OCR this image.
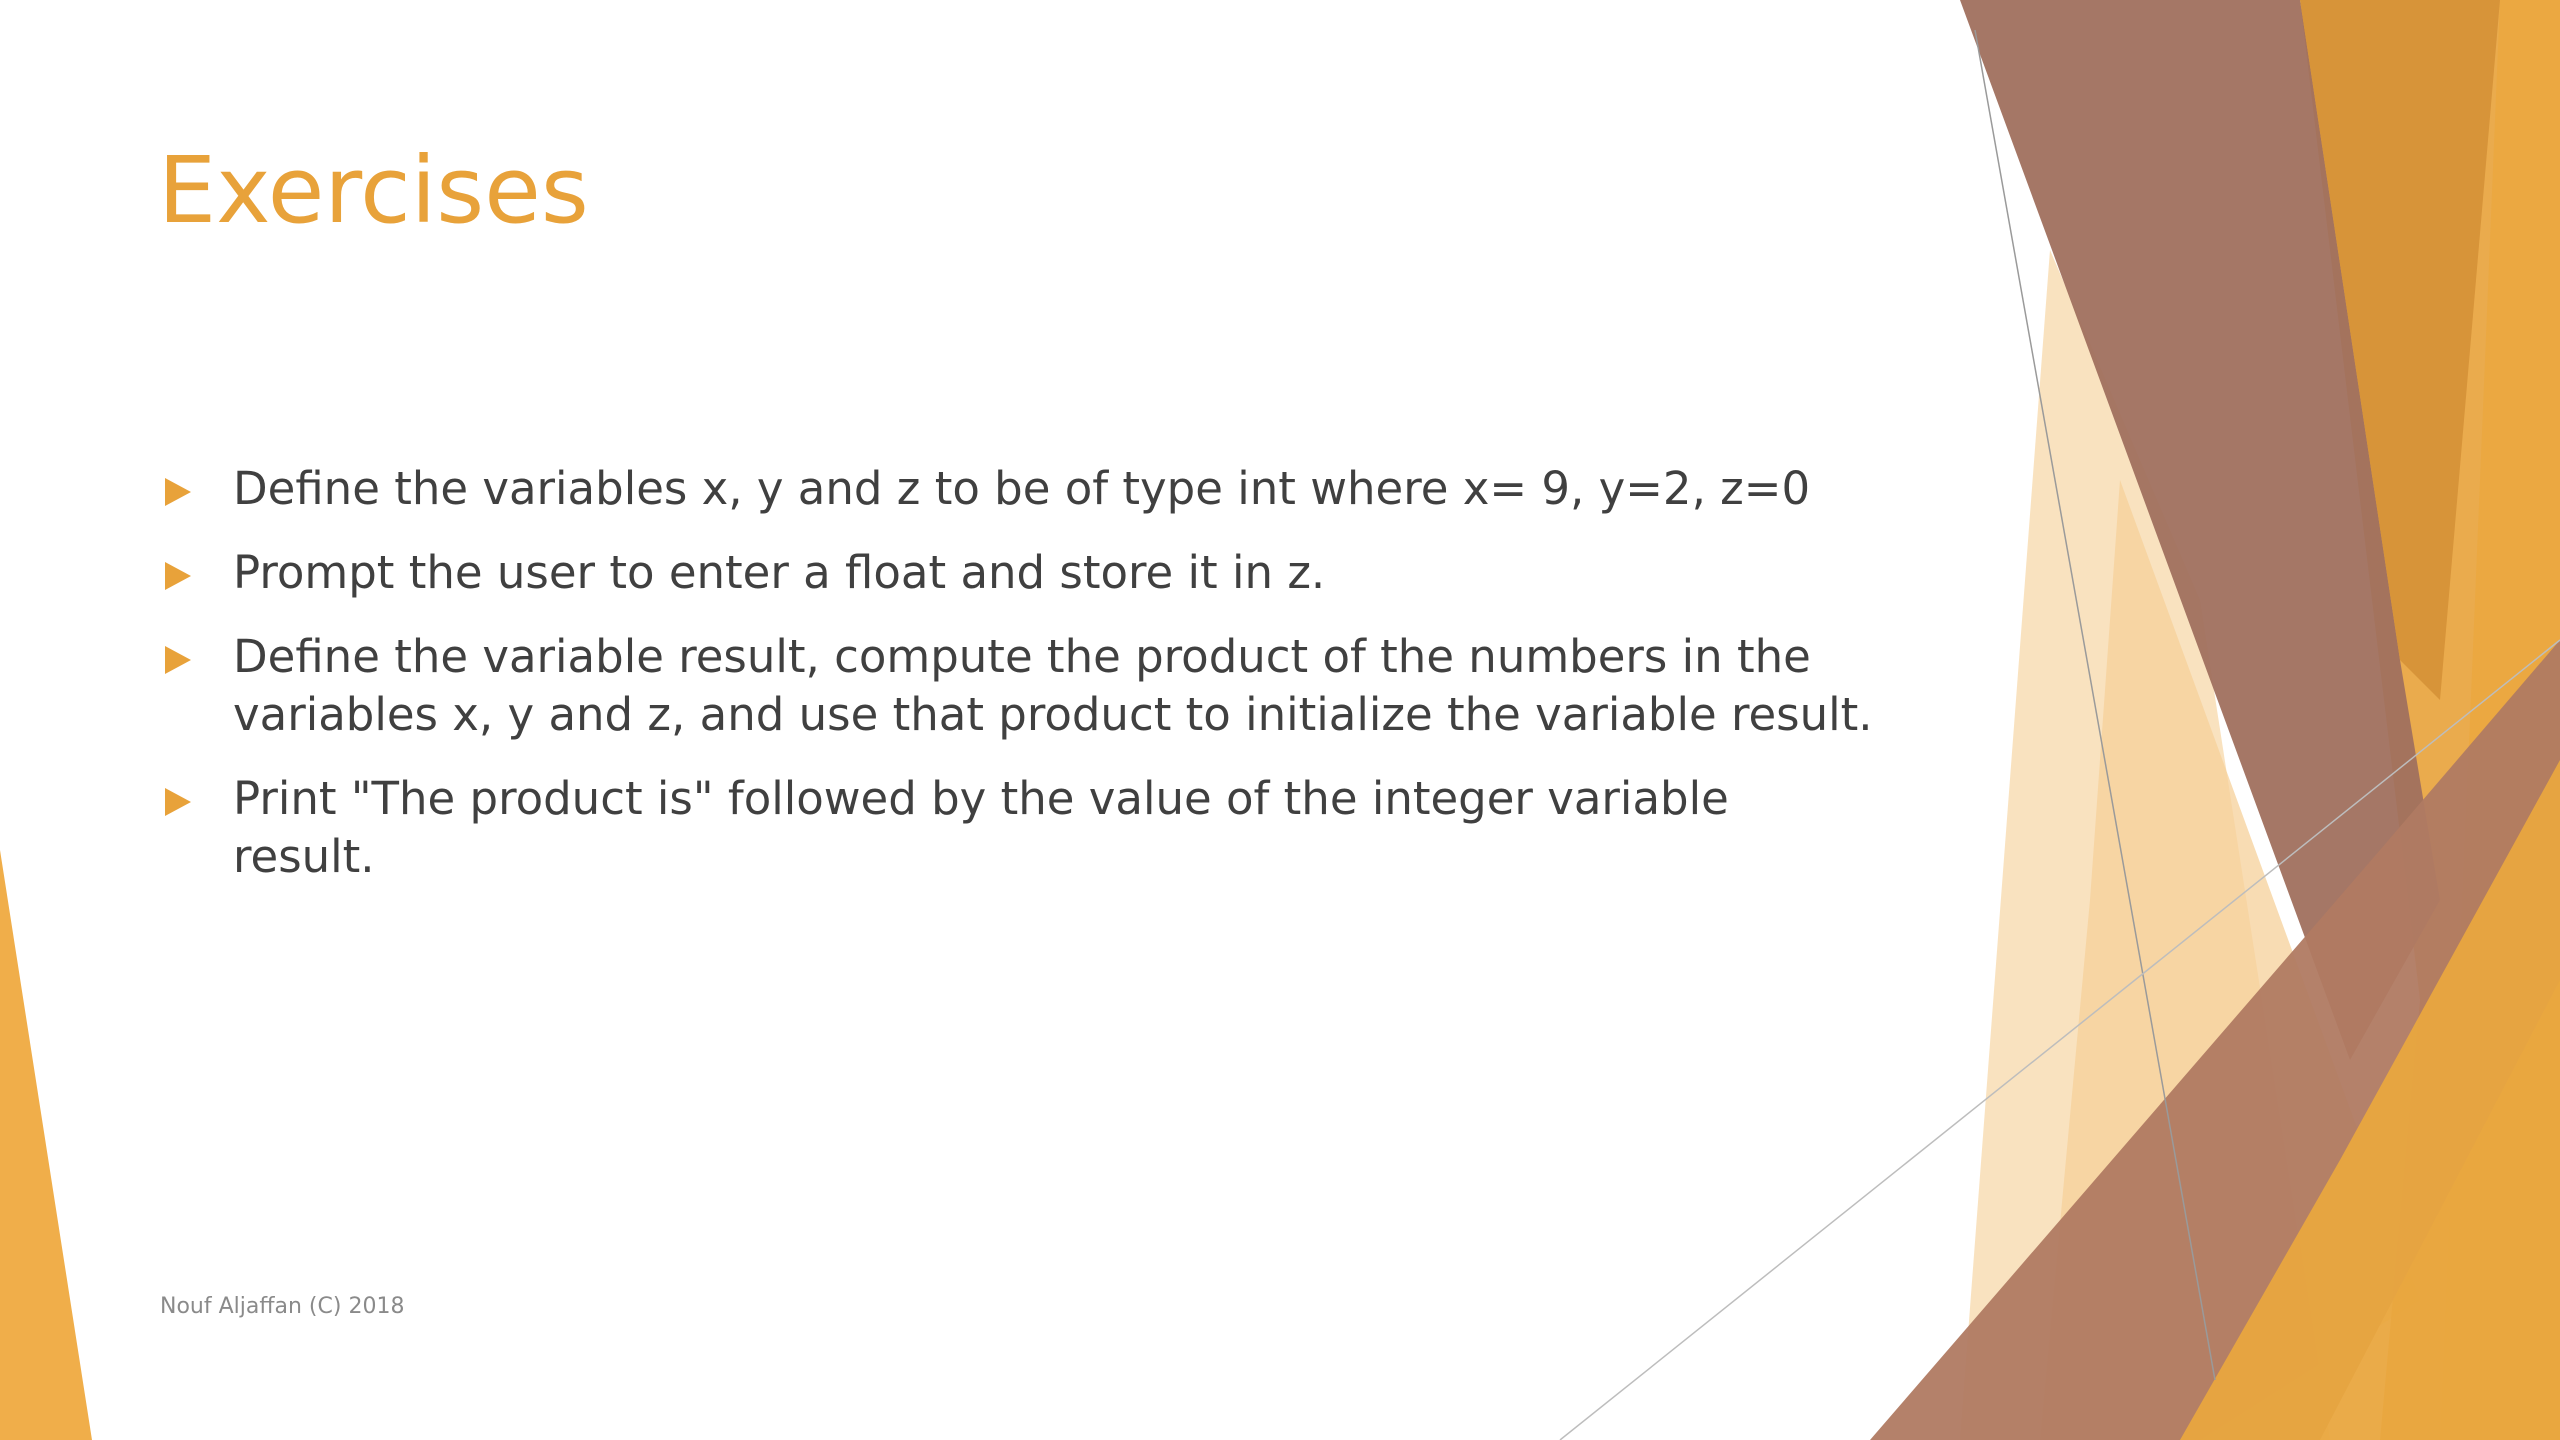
Exercises
Define the variables x, y and z to be of type int where x= 9, y=2, z=0
Prompt the user to enter a float and store it in z.
Define the variable result, compute the product of the numbers in the variables x, y and z, and use that product to initialize the variable result.
Print "The product is" followed by the value of the integer variable result.
Nouf Aljaffan (C) 2018
